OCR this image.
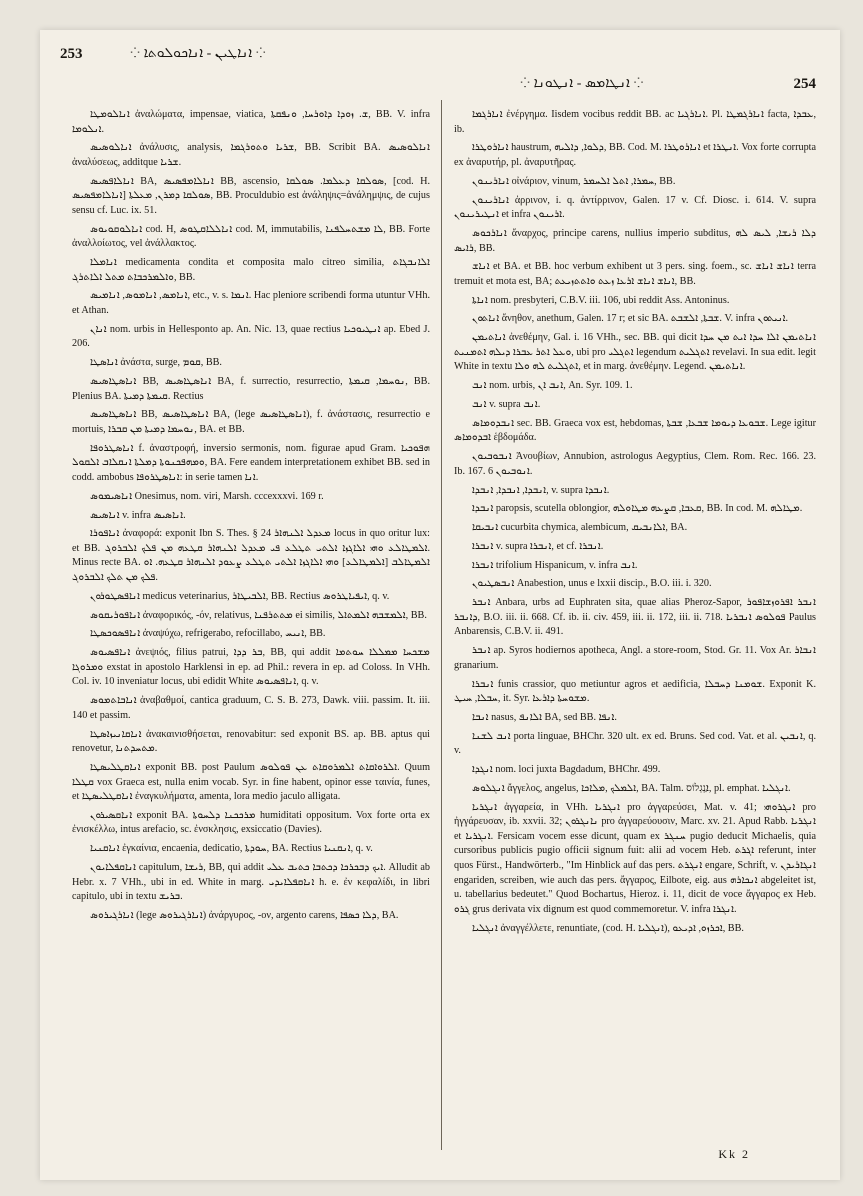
253	⁘ ܐܢܐܛܝܢ - ܐܢܐܟܘܠܘܬܐ ⁘
⁘ ܐܢܛܐܡܣ - ܐܢܛܘܢܐ ⁘	254

ܐܢܐܠܘܡܛܐ ἀναλώματα, impensae, viatica, ܫ. ܙܘܕܐ ܕܐܘܪܚܐ, ܘܢܦܩܬܐ, BB. V. infra ܐܢܠܘܡܐ.

ܐܢܐܠܘܣܝܣ ἀνάλυσις, analysis, ܫܪܝܐ ܘܬܘܪܓܡܐ, BB. Scribit BA. ܐܢܐܠܘܣܝܣ ἀναλύσεως, additque ܫܪܝܐ.

ܐܢܐܠܐܦܣܝܣ BA, ܐܢܐܠܐܡܦܣܝܣ BB, ascensio, ܣܘܠܩܐ ܕܥܠܡܐ. ܣܘܠܩܐ, [cod. H. ܐܢܐܠܐܡܦܣܝܣ] ܣܘܠܩܐ ܕܡܪܢ, ܡܥܠܬܐ, BB. Proculdubio est ἀνάληψις=ἀνάλημψις, de cujus sensu cf. Luc. ix. 51.

ܐܢܐܠܘܩܘܝܘܣ cod. H, ܐܢܐܠܠܐܩܛܘܣ cod. M, immutabilis, ܠܐ ܡܫܬܚܠܦܢܐ, BB. Forte ἀναλλοίωτος, vel ἀνάλλακτος.

ܐܢܐܡܠܐ medicamenta condita et composita malo citreo similia, ܐܠܐܢܒܓܐܬ ܘܐܠܡܪܟܒܐܬ ܡܬܠ ܐܠܐܬܪܓ, BB.

ܐܢܐܡܣ, ܐܢܐܡܘܣ, ܐܢܐܡܝܣ, etc., v. s. ܐܢܡܐ. Hac pleniore scribendi forma utuntur VHh. et Athan.

ܐܢܐܢ nom. urbis in Hellesponto ap. An. Nic. 13, quae rectius ܐܢܛܝܘܟܝܐ ap. Ebed J. 206.

ܐܢܐܣܛܐ ἀνάστα, surge, ܩܘܡ, BB.

ܐܢܐܣܛܐܣܝܣ BB, ܐܢܐܣܛܐܣܝܣ BA, f. surrectio, resurrectio, ܢܘܚܡܐ, ܩܝܡܬܐ, BB. Plenius BA. ܩܝܡܬܐ ܕܡܝܬܐ. Rectius

ܐܢܐܣܛܐܣܝܣ BB, ܐܢܐܣܛܐܣܝܣ BA, (lege ܐܢܐܣܛܐܣܝܣ), f. ἀνάστασις, resurrectio e mortuis, ܢܘܚܡܐ ܕܡܝܬܐ ܡܢ ܩܒܪܐ, BA. et BB.

ܐܢܐܣܛܪܘܦܐ f. ἀναστροφή, inversio sermonis, nom. figurae apud Gram. ܗܦܘܟܝܐ ܘܡܗܦܟܢܘܬܐ ܕܡܠܬܐ ܐܢܩܠܐܒ ܐܠܩܘܠ, BA. Fere eandem interpretationem exhibet BB. sed in codd. ambobus ܐܢܐܣܛܪܘܦܐ: in serie tamen ܐܢܐ.

ܐܢܐܣܝܡܘܣ Onesimus, nom. viri, Marsh. cccexxxvi. 169 r.

ܐܢܐܣܝܣ v. infra ܐܢܐܣܝܣ.

ܐܢܐܦܘܪܐ ἀναφορά: exponit Ibn S. Thes. § 24 ܡܥܕܠ ܐܠܢܗܐܪ locus in quo oritur lux: et BB. ܐܠܡܛܐܠܥ ܘܗܝ ܐܠܐܓܙܐ ܐܠܬܝ ܬܛܠܥ ܦܝ ܡܥܕܠ ܐܠܢܗܐܪ ܩܛܥܗ ܡܢ ܦܠܟ ܐܠܒܪܘܓ. Minus recte BA. ܐܠܡܛܐܠܒ [ܐܠܡܛܐܠܥ] ܘܗܝ ܐܠܐܓܙܐ ܐܠܬܝ ܬܛܠܥ ܨܥܘܕ ܐܠܢܗܐܪ ܩܛܥܗ. ܐܘ ܦܠܟ ܡܢ ܬܠܟ ܐܠܒܪܘܓ.

ܐܢܐܦܣܛܘܪܘܢ medicus veterinarius, ܐܠܒܝܛܐܪ, BB. Rectius ܐܝܦܝܐܛܪܘܣ, q. v.

ܐܢܐܦܘܪܝܩܘܣ ἀναφορικός, -όν, relativus, ܡܬܬܪܦܢܐ ei similis, ܐܠܡܫܒܗ ܐܠܡܬܐܠ, BB.

ܐܢܐܦܣܘܟܣܛܐ ἀναψύχω, refrigerabo, refocillabo, ܐܢܝܚ, BB.

ܐܢܐܦܣܝܘܣ ἀνεψιός, filius patrui, ܒܪ ܕܕܐ, BB, qui addit ܡܫܟܚܐ ܡܡܠܠܐ ܚܘܬܡܐ ܘܡܪܘܓܐ exstat in apostolo Harklensi in ep. ad Phil.: revera in ep. ad Coloss. In VHh. Col. iv. 10 inveniatur locus, ubi edidit White ܐܢܐܦܣܝܘܣ, q. v.

ܐܢܐܒܐܬܡܘܣ ἀναβαθμοί, cantica graduum, C. S. B. 273, Dawk. viii. passim. It. iii. 140 et passim.

ܐܢܐܩܐܢܝܙܐܣܛܐ ἀνακαινισθήσεται, renovabitur: sed exponit BS. ap. BB. aptus qui renovetur, ܡܬܚܕܬܢܐ.

ܐܢܐܩܛܠܝܣܛܐ exponit BB. post Paulum ܐܠܪܘܐܩܐܬ ܐܠܡܪܘܩܐܬ ܥܢ ܦܘܠܘܣ. Quum ܩܛܠܐ vox Graeca est, nulla enim vocab. Syr. in fine habent, opinor esse ταινία, funes, et ܐܢܐܩܛܠܝܣܛܐ ἐναγκυλήματα, amenta, lora medio jaculo alligata.

ܐܢܐܩܣܝܪܘܢ exponit BA. ܡܪܟܟܢܐ ܕܠܚܘܬܐ humiditati oppositum. Vox forte orta ex ἐνισκέλλω, intus arefacio, sc. ἐνσκλησις, exsiccatio (Davies).

ܐܢܐܩܢܝܐ ἐγκαίνια, encaenia, dedicatio, ܚܘܕܬܐ, BA. Rectius ܐܢܩܢܝܐ, q. v.

ܐܢܐܩܦܠܐܝܘܢ capitulum, ܪܝܫܐ, BB, qui addit ܐܝܟ ܕܒܟܪܟܐ ܕܟܬܒܐ ܟܬܝܒ ܥܠܝ. Alludit ab Hebr. x. 7 VHh., ubi in ed. White in marg. ܐܢܐܩܦܠܐܝܕܝ h. e. ἐν κεφαλίδι, in libri capitulo, ubi in textu ܒܪܝܫ.

ܐܢܐܪܓܝܪܘܣ (lege ܐܢܐܪܓܝܪܘܣ) ἀνάργυρος, -ον, argento carens, ܕܠܐ ܟܣܦܐ, BA.

ܐܢܐܪܓܡܐ ἐνέργημα. Iisdem vocibus reddit BB. ac ܐܢܐܪܓܝܐ. Pl. ܐܢܐܪܓܡܛܐ facta, ܥܒܕܐ, ib.

ܐܢܐܪܘܛܪܐ haustrum, ܕܠܘܐ, ܕܐܠܝܗ, BB. Cod. M. ܐܢܐܪܘܛܪܐ et ܐܢܛܪܐ. Vox forte corrupta ex ἀναρυτήρ, pl. ἀναρυτῆρας.

ܐܢܐܪܝܢܘܢ οἰνάριον, vinum, ܚܡܪܐ, ܐܬܠ ܐܠܚܡܪ, BB.

ܐܢܐܪܝܢܘܢ ἀρρινον, i. q. ἀντίρρινον, Galen. 17 v. Cf. Diosc. i. 614. V. supra ܐܢܛܝܪܝܢܘܢ et infra ܐܪܝܢܘܢ.

ܐܢܐܪܟܘܣ ἄναρχος, principe carens, nullius imperio subditus, ܕܠܐ ܪܝܫܐ, ܠܝܣ ܠܗ ܪܐܝܣ, BB.

ܐܢܐܫ et BA. et BB. hoc verbum exhibent ut 3 pers. sing. foem., sc. ܐܢܐܫ ܐܢܐܫ terra tremuit et mota est, BA; ܐܢܐܫ ܐܢܐܫ ܐܪܥܐ ܙܥܬ ܘܐܬܬܙܝܥܬ, BB.

ܐܢܐܬܐ nom. presbyteri, C.B.V. iii. 106, ubi reddit Ass. Antoninus.

ܐܢܐܬܘܢ ἄνηθον, anethum, Galen. 17 r; et sic BA. ܫܒܬܐ, ܐܠܫܒܬ. V. infra ܐܢܝܬܘܢ.

ܐܢܐܬܝܡܢ ἀνεθέμην, Gal. i. 16 VHh., sec. BB. qui dicit ܐܢܐܬܝܡܢ ܐܠܐ ܚܕܐ ܐܝܬ ܡܢ ܚܕܐ ܘܥܠ ܐܬܪ ܥܒܪܐ ܕܝܠܗ ܐܬܡܢܝܬ, ubi pro ܐܬܓܠܝ legendum ܐܬܓܠܝܬ revelavi. In sua edit. legit White in textu ܐܬܓܠܝܬ ܠܗ ܘܠܐ, et in marg. ἀνεθέμην. Legend. ܐܢܐܬܝܡܢ.

ܐܢܒ nom. urbis, ܐܢܒ ܐܢ, An. Syr. 109. 1.

ܐܢܒ v. supra ܐܢܒ.

ܐܢܒܕܘܡܐܣ sec. BB. Graeca vox est, hebdomas, ܫܒܘܥܐ ܕܝܘܡܐ ܫܒܥܐ, ܫܒܬܐ. Lege igitur ܐܒܕܘܡܐܣ ἑβδομάδα.

ܐܢܒܘܒܝܘܢ Ἀνουβίων, Annubion, astrologus Aegyptius, Clem. Rom. Rec. 166. 23. Ib. 167. 6 ܐܢܘܒܝܘܢ.

ܐܢܒܕܐ, ܐܢܒܕܐ, ܐܢܒܕܐ, v. supra ܐܢܒܕܐ.

ܐܢܒܕܐ paropsis, scutella oblongior, ܩܥܒܐ, ܩܨܥܗ ܡܛܐܘܠܗ, BB. In cod. M. ܡܛܐܠܗ.

ܐܢܒܝܩܐ cucurbita chymica, alembicum, ܐܠܐܢܒܝܩ, BA.

ܐܢܒܪܐ v. supra ܐܢܒܪܐ, et cf. ܐܢܒܪܐ.

ܐܢܒܪܐ trifolium Hispanicum, v. infra ܐܢܒ.

ܐܢܒܣܛܝܘܢ Anabestion, unus e lxxii discip., B.O. iii. i. 320.

ܐܢܒܪ Anbara, urbs ad Euphraten sita, quae alias Pheroz-Sapor, ܐܢܒܪ ܐܦܪܘܙܫܐܦܘܪ ܕܐܢܒܪ, B.O. iii. ii. 668. Cf. ib. ii. civ. 459, iii. ii. 172, iii. ii. 718. ܦܘܠܘܣ ܐܢܒܪܝܐ Paulus Anbarensis, C.B.V. ii. 491.

ܐܢܒܪ ap. Syros hodiernos apotheca, Angl. a store-room, Stod. Gr. 11. Vox Ar. ܐܢܒܐܪ granarium.

ܐܢܒܪܐ funis crassior, quo metiuntur agros et aedificia, ܫܘܡܢܐ ܕܚܒܠܐ. Exponit K. ܚܒܠܐ, ܚܝܛ, it. Syr. ܡܫܘܚܬܐ ܕܐܪܥܐ.

ܐܢܒܐ nasus, ܐܠܐܢܦ BA, sed BB. ܐܢܦܐ.

ܐܢܒ ܠܫܢܐ porta linguae, BHChr. 320 ult. ex ed. Bruns. Sed cod. Vat. et al. ܐܢܒܝܢ, q. v.

ܐܢܓܕܐ nom. loci juxta Bagdadum, BHChr. 499.

ܐܢܓܠܘܣ ἄγγελος, angelus, ܐܠܡܠܟ ,ܡܠܐܟܐ, BA. Talm. ܐַנְגְלוֹס, pl. emphat. ܐܢܓܠܝܐ.

ܐܢܓܪܝܐ ἀγγαρεία, in VHh. ܐܢܓܪܝܐ pro ἀγγαρεύσει, Mat. v. 41; ܐܢܓܪܘܗܝ pro ἠγγάρευσαν, ib. xxvii. 32; ܢܐܢܓܪܘܢ pro ἀγγαρεύουσιν, Marc. xv. 21. Apud Rabb. ܐܢܓܪܝܐ et ܐܢܓܪܝܐ. Fersicam vocem esse dicunt, quam ex ܚܢܓܪ pugio deducit Michaelis, quia cursoribus publicis pugio officii signum fuit: alii ad vocem Heb. ܐܓܪܬ referunt, inter quos Fürst., Handwörterb., "Im Hinblick auf das pers. ܐܢܓܪܬ engare, Schrift, v. ܐܢܓܐܪܝܕܢ engariden, screiben, wie auch das pers. ἄγγαρος, Eilbote, eig. aus ܐܢܟܐܪܗ abgeleitet ist, u. tabellarius bedeutet." Quod Bochartus, Hieroz. i. 11, dicit de voce ἄγγαρος ex Heb. ܓܪܘ grus derivata vix dignum est quod commemoretur. V. infra ܐܢܓܪܐ.

ܐܢܓܠܝܐ ἀναγγέλλετε, renuntiate, (cod. H. ܐܢܓܠܝܐ), ܐܟܪܙܘ, ܐܕܝܥܘ, BB.

Kk 2
